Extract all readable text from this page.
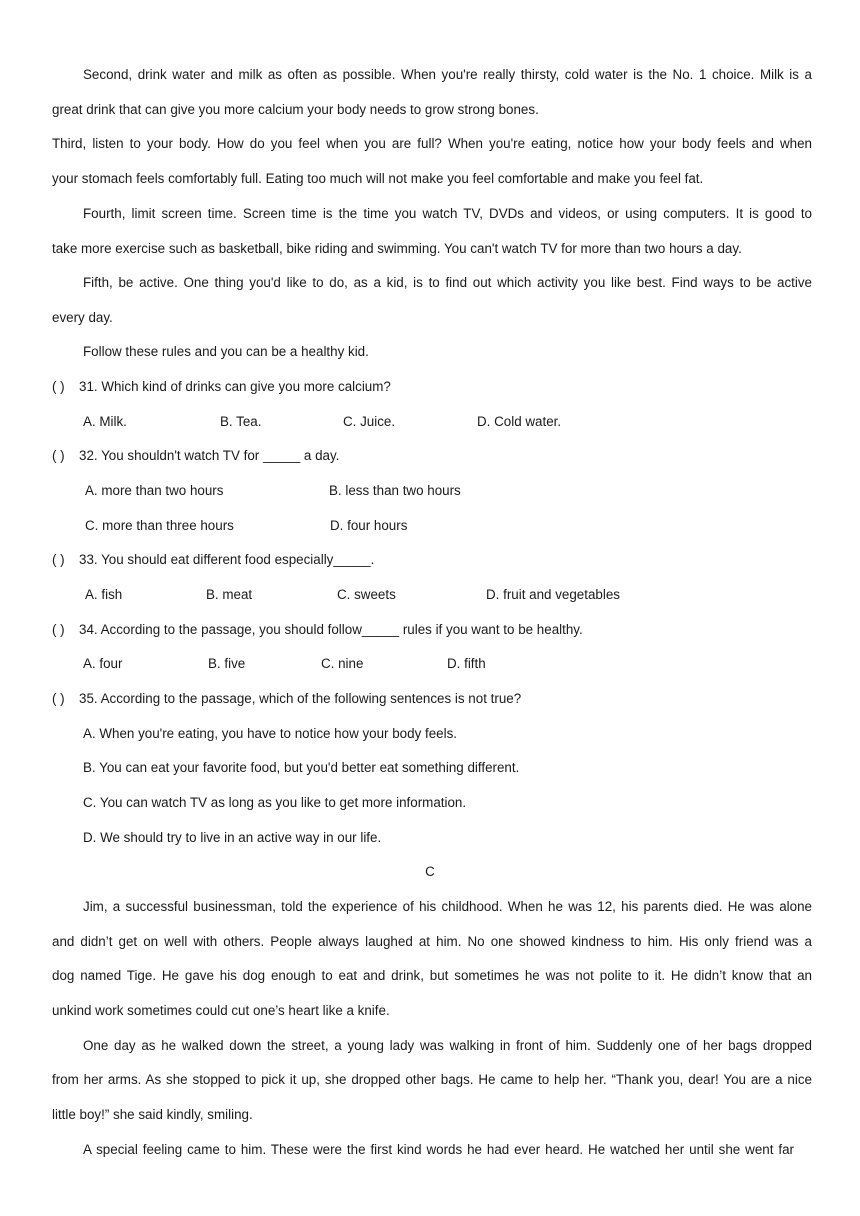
Second, drink water and milk as often as possible. When you're really thirsty, cold water is the No. 1 choice. Milk is a
great drink that can give you more calcium your body needs to grow strong bones.
Third, listen to your body. How do you feel when you are full? When you're eating, notice how your body feels and when
your stomach feels comfortably full. Eating too much will not make you feel comfortable and make you feel fat.
Fourth, limit screen time. Screen time is the time you watch TV, DVDs and videos, or using computers. It is good to
take more exercise such as basketball, bike riding and swimming. You can't watch TV for more than two hours a day.
Fifth, be active. One thing you'd like to do, as a kid, is to find out which activity you like best. Find ways to be active
every day.
Follow these rules and you can be a healthy kid.
( ) 31. Which kind of drinks can give you more calcium?
A. Milk.	B. Tea.	C. Juice.	D. Cold water.
( ) 32. You shouldn't watch TV for _____ a day.
A. more than two hours	B. less than two hours
C. more than three hours	D. four hours
( ) 33. You should eat different food especially_____.
A. fish	B. meat	C. sweets	D. fruit and vegetables
( ) 34. According to the passage, you should follow_____ rules if you want to be healthy.
A. four	B. five	C. nine	D. fifth
( ) 35. According to the passage, which of the following sentences is not true?
A. When you're eating, you have to notice how your body feels.
B. You can eat your favorite food, but you'd better eat something different.
C. You can watch TV as long as you like to get more information.
D. We should try to live in an active way in our life.
C
Jim, a successful businessman, told the experience of his childhood. When he was 12, his parents died. He was alone
and didn’t get on well with others. People always laughed at him. No one showed kindness to him. His only friend was a
dog named Tige. He gave his dog enough to eat and drink, but sometimes he was not polite to it. He didn’t know that an
unkind work sometimes could cut one’s heart like a knife.
One day as he walked down the street, a young lady was walking in front of him. Suddenly one of her bags dropped
from her arms. As she stopped to pick it up, she dropped other bags. He came to help her. “Thank you, dear! You are a nice
little boy!” she said kindly, smiling.
A special feeling came to him. These were the first kind words he had ever heard. He watched her until she went far
